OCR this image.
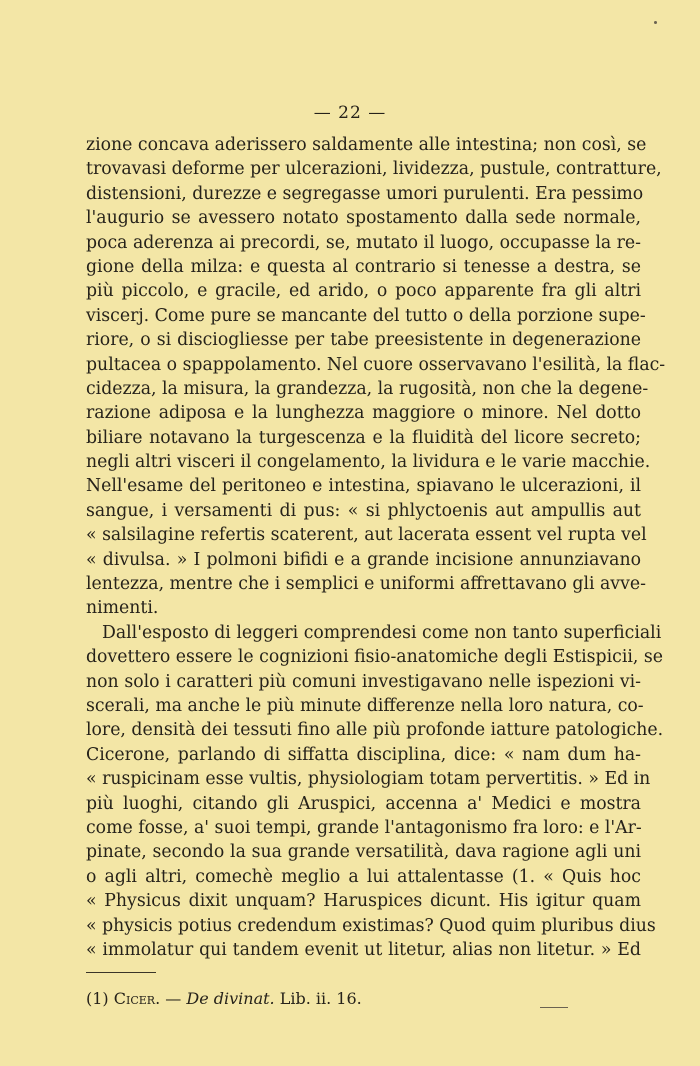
— 22 —
zione concava aderissero saldamente alle intestina; non così, se
trovavasi deforme per ulcerazioni, lividezza, pustule, contratture,
distensioni, durezze e segregasse umori purulenti. Era pessimo
l'augurio se avessero notato spostamento dalla sede normale,
poca aderenza ai precordi, se, mutato il luogo, occupasse la re-
gione della milza: e questa al contrario si tenesse a destra, se
più piccolo, e gracile, ed arido, o poco apparente fra gli altri
viscerj. Come pure se mancante del tutto o della porzione supe-
riore, o si disciogliesse per tabe preesistente in degenerazione
pultacea o spappolamento. Nel cuore osservavano l'esilità, la flac-
cidezza, la misura, la grandezza, la rugosità, non che la degene-
razione adiposa e la lunghezza maggiore o minore. Nel dotto
biliare notavano la turgescenza e la fluidità del licore secreto;
negli altri visceri il congelamento, la lividura e le varie macchie.
Nell'esame del peritoneo e intestina, spiavano le ulcerazioni, il
sangue, i versamenti di pus: « si phlyctoenis aut ampullis aut
« salsilagine refertis scaterent, aut lacerata essent vel rupta vel
« divulsa. » I polmoni bifidi e a grande incisione annunziavano
lentezza, mentre che i semplici e uniformi affrettavano gli avve-
nimenti.
Dall'esposto di leggeri comprendesi come non tanto superficiali
dovettero essere le cognizioni fisio-anatomiche degli Estispicii, se
non solo i caratteri più comuni investigavano nelle ispezioni vi-
scerali, ma anche le più minute differenze nella loro natura, co-
lore, densità dei tessuti fino alle più profonde iatture patologiche.
Cicerone, parlando di siffatta disciplina, dice: « nam dum ha-
« ruspicinam esse vultis, physiologiam totam pervertitis. » Ed in
più luoghi, citando gli Aruspici, accenna a' Medici e mostra
come fosse, a' suoi tempi, grande l'antagonismo fra loro: e l'Ar-
pinate, secondo la sua grande versatilità, dava ragione agli uni
o agli altri, comechè meglio a lui attalentasse (1. « Quis hoc
« Physicus dixit unquam? Haruspices dicunt. His igitur quam
« physicis potius credendum existimas? Quod quim pluribus dius
« immolatur qui tandem evenit ut litetur, alias non litetur. » Ed
(1) Cicer. — De divinat. Lib. ii. 16.
